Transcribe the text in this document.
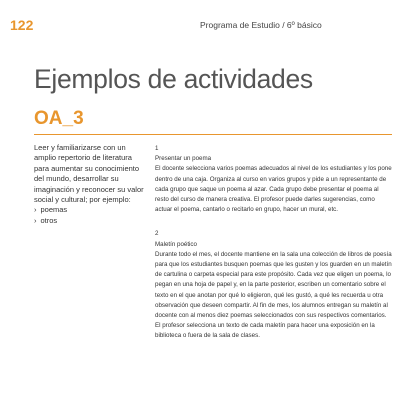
122	Programa de Estudio / 6º básico
Ejemplos de actividades
OA_3
Leer y familiarizarse con un amplio repertorio de literatura para aumentar su conocimiento del mundo, desarrollar su imaginación y reconocer su valor social y cultural; por ejemplo:
› poemas
› otros
1
Presentar un poema
El docente selecciona varios poemas adecuados al nivel de los estudiantes y los pone dentro de una caja. Organiza al curso en varios grupos y pide a un representante de cada grupo que saque un poema al azar. Cada grupo debe presentar el poema al resto del curso de manera creativa. El profesor puede darles sugerencias, como actuar el poema, cantarlo o recitarlo en grupo, hacer un mural, etc.
2
Maletín poético
Durante todo el mes, el docente mantiene en la sala una colección de libros de poesía para que los estudiantes busquen poemas que les gusten y los guarden en un maletín de cartulina o carpeta especial para este propósito. Cada vez que eligen un poema, lo pegan en una hoja de papel y, en la parte posterior, escriben un comentario sobre el texto en el que anotan por qué lo eligieron, qué les gustó, a qué les recuerda u otra observación que deseen compartir. Al fin de mes, los alumnos entregan su maletín al docente con al menos diez poemas seleccionados con sus respectivos comentarios. El profesor selecciona un texto de cada maletín para hacer una exposición en la biblioteca o fuera de la sala de clases.
